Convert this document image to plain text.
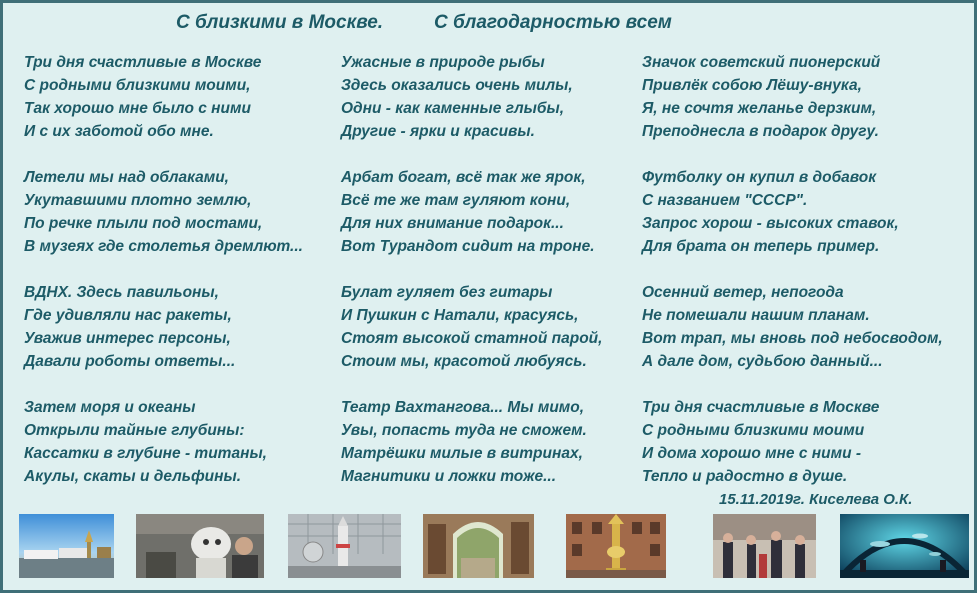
С близкими в Москве.	С благодарностью всем
Три дня счастливые в Москве
С родными близкими моими,
Так хорошо мне было с ними
И с их заботой обо мне.
Летели мы над облаками,
Укутавшими плотно землю,
По речке плыли под мостами,
В музеях где столетья дремлют...
ВДНХ. Здесь павильоны,
Где удивляли нас ракеты,
Уважив интерес персоны,
Давали роботы ответы...
Затем моря и океаны
Открыли тайные глубины:
Кассатки в глубине - титаны,
Акулы, скаты и дельфины.
Ужасные в природе рыбы
Здесь оказались очень милы,
Одни - как каменные глыбы,
Другие - ярки и красивы.
Арбат богат, всё так же ярок,
Всё те же там гуляют кони,
Для них внимание подарок...
Вот Турандот сидит на троне.
Булат гуляет без гитары
И Пушкин с Натали, красуясь,
Стоят высокой статной парой,
Стоим мы, красотой любуясь.
Театр Вахтангова... Мы мимо,
Увы, попасть туда не сможем.
Матрёшки милые в витринах,
Магнитики и ложки тоже...
Значок советский пионерский
Привлёк собою Лёшу-внука,
Я, не сочтя желанье дерзким,
Преподнесла в подарок другу.
Футболку он купил в добавок
С названием "СССР".
Запрос хорош - высоких ставок,
Для брата он теперь пример.
Осенний ветер, непогода
Не помешали нашим планам.
Вот трап, мы вновь под небосводом,
А дале дом, судьбою данный...
Три дня счастливые в Москве
С родными близкими моими
И дома хорошо мне с ними -
Тепло и радостно в душе.
15.11.2019г. Киселева О.К.
